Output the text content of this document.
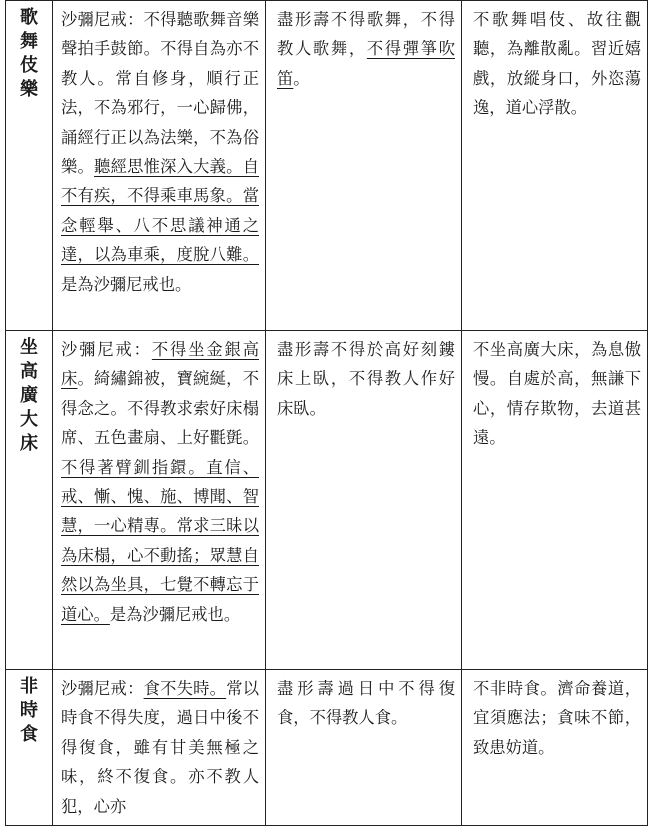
歌
舞
伎
樂	沙彌尼戒：不得聽歌舞音樂聲拍手鼓節。不得自為亦不教人。常自修身，順行正法，不為邪行，一心歸佛，誦經行正以為法樂，不為俗樂。聽經思惟深入大義。自不有疾，不得乘車馬象。當念輕舉、八不思議神通之達，以為車乘，度脫八難。是為沙彌尼戒也。	盡形壽不得歌舞，不得教人歌舞，不得彈箏吹笛。	不歌舞唱伎、故往觀聽，為離散亂。習近嬉戲，放縱身口，外恣蕩逸，道心浮散。

坐
高
廣
大
床	沙彌尼戒：不得坐金銀高床。綺繡錦被，寶綩綖，不得念之。不得教求索好床榻席、五色畫扇、上好氍㲪。不得著臂釧指鐶。直信、戒、慚、愧、施、博聞、智慧，一心精專。常求三昧以為床榻，心不動搖；眾慧自然以為坐具，七覺不轉忘于道心。是為沙彌尼戒也。	盡形壽不得於高好刻鏤床上臥，不得教人作好床臥。	不坐高廣大床，為息傲慢。自處於高，無謙下心，情存欺物，去道甚遠。

非
時
食	沙彌尼戒：食不失時。常以時食不得失度，過日中後不得復食，雖有甘美無極之味，終不復食。亦不教人犯，心亦	盡形壽過日中不得復食，不得教人食。	不非時食。濟命養道，宜須應法；貪味不節，致患妨道。
